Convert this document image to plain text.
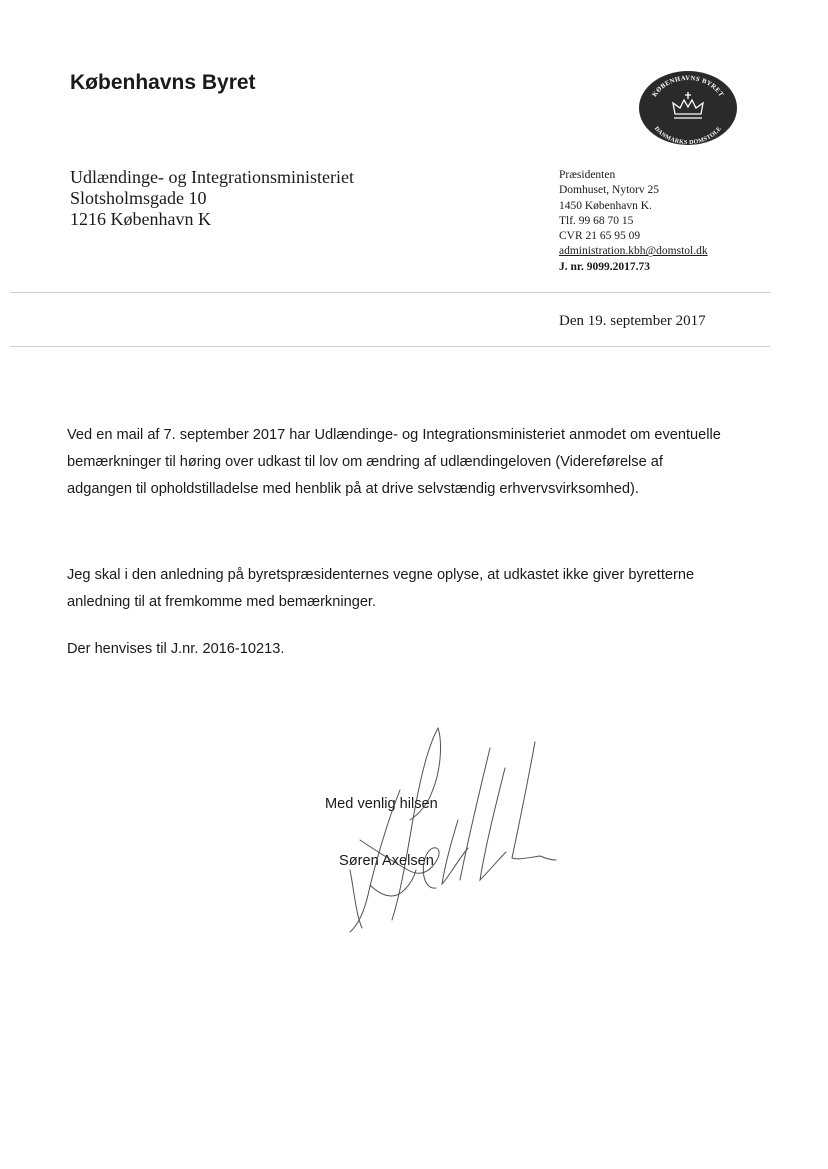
Københavns Byret
KØBENHAVNS BYRET
DANMARKS DOMSTOLE
Udlændinge- og Integrationsministeriet
Slotsholmsgade 10
1216 København K
Præsidenten
Domhuset, Nytorv 25
1450 København K.
Tlf. 99 68 70 15
CVR 21 65 95 09
administration.kbh@domstol.dk
J. nr. 9099.2017.73
Den 19. september 2017
Ved en mail af 7. september 2017 har Udlændinge- og Integrationsministeriet anmodet om eventuelle bemærkninger til høring over udkast til lov om ændring af udlændingeloven (Videreførelse af adgangen til opholdstilladelse med henblik på at drive selvstændig erhvervsvirksomhed).
Jeg skal i den anledning på byretspræsidenternes vegne oplyse, at udkastet ikke giver byretterne anledning til at fremkomme med bemærkninger.
Der henvises til J.nr. 2016-10213.
Med venlig hilsen
Søren Axelsen
